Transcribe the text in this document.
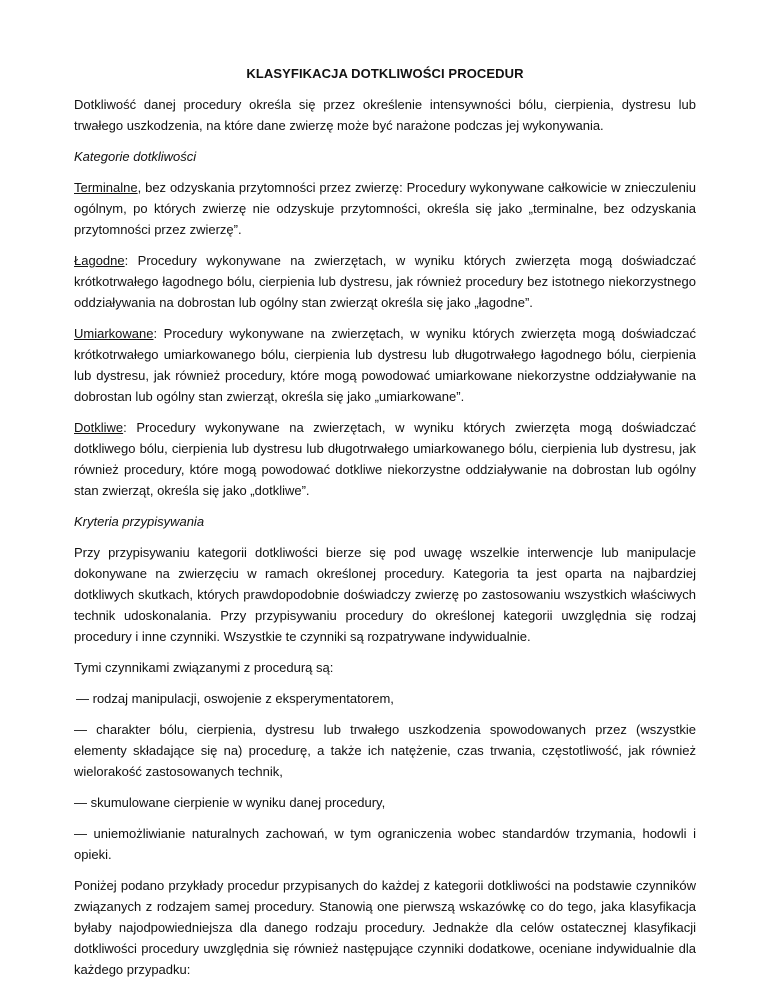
KLASYFIKACJA DOTKLIWOŚCI PROCEDUR

Dotkliwość danej procedury określa się przez określenie intensywności bólu, cierpienia, dystresu lub trwałego uszkodzenia, na które dane zwierzę może być narażone podczas jej wykonywania.

Kategorie dotkliwości

Terminalne, bez odzyskania przytomności przez zwierzę: Procedury wykonywane całkowicie w znieczuleniu ogólnym, po których zwierzę nie odzyskuje przytomności, określa się jako „terminalne, bez odzyskania przytomności przez zwierzę”.

Łagodne: Procedury wykonywane na zwierzętach, w wyniku których zwierzęta mogą doświadczać krótkotrwałego łagodnego bólu, cierpienia lub dystresu, jak również procedury bez istotnego niekorzystnego oddziaływania na dobrostan lub ogólny stan zwierząt określa się jako „łagodne”.

Umiarkowane: Procedury wykonywane na zwierzętach, w wyniku których zwierzęta mogą doświadczać krótkotrwałego umiarkowanego bólu, cierpienia lub dystresu lub długotrwałego łagodnego bólu, cierpienia lub dystresu, jak również procedury, które mogą powodować umiarkowane niekorzystne oddziaływanie na dobrostan lub ogólny stan zwierząt, określa się jako „umiarkowane”.

Dotkliwe: Procedury wykonywane na zwierzętach, w wyniku których zwierzęta mogą doświadczać dotkliwego bólu, cierpienia lub dystresu lub długotrwałego umiarkowanego bólu, cierpienia lub dystresu, jak również procedury, które mogą powodować dotkliwe niekorzystne oddziaływanie na dobrostan lub ogólny stan zwierząt, określa się jako „dotkliwe”.

Kryteria przypisywania

Przy przypisywaniu kategorii dotkliwości bierze się pod uwagę wszelkie interwencje lub manipulacje dokonywane na zwierzęciu w ramach określonej procedury. Kategoria ta jest oparta na najbardziej dotkliwych skutkach, których prawdopodobnie doświadczy zwierzę po zastosowaniu wszystkich właściwych technik udoskonalania. Przy przypisywaniu procedury do określonej kategorii uwzględnia się rodzaj procedury i inne czynniki. Wszystkie te czynniki są rozpatrywane indywidualnie.

Tymi czynnikami związanymi z procedurą są:

— rodzaj manipulacji, oswojenie z eksperymentatorem,

— charakter bólu, cierpienia, dystresu lub trwałego uszkodzenia spowodowanych przez (wszystkie elementy składające się na) procedurę, a także ich natężenie, czas trwania, częstotliwość, jak również wielorakość zastosowanych technik,

— skumulowane cierpienie w wyniku danej procedury,

— uniemożliwianie naturalnych zachowań, w tym ograniczenia wobec standardów trzymania, hodowli i opieki.

Poniżej podano przykłady procedur przypisanych do każdej z kategorii dotkliwości na podstawie czynników związanych z rodzajem samej procedury. Stanowią one pierwszą wskazówkę co do tego, jaka klasyfikacja byłaby najodpowiedniejsza dla danego rodzaju procedury. Jednakże dla celów ostatecznej klasyfikacji dotkliwości procedury uwzględnia się również następujące czynniki dodatkowe, oceniane indywidualnie dla każdego przypadku:
